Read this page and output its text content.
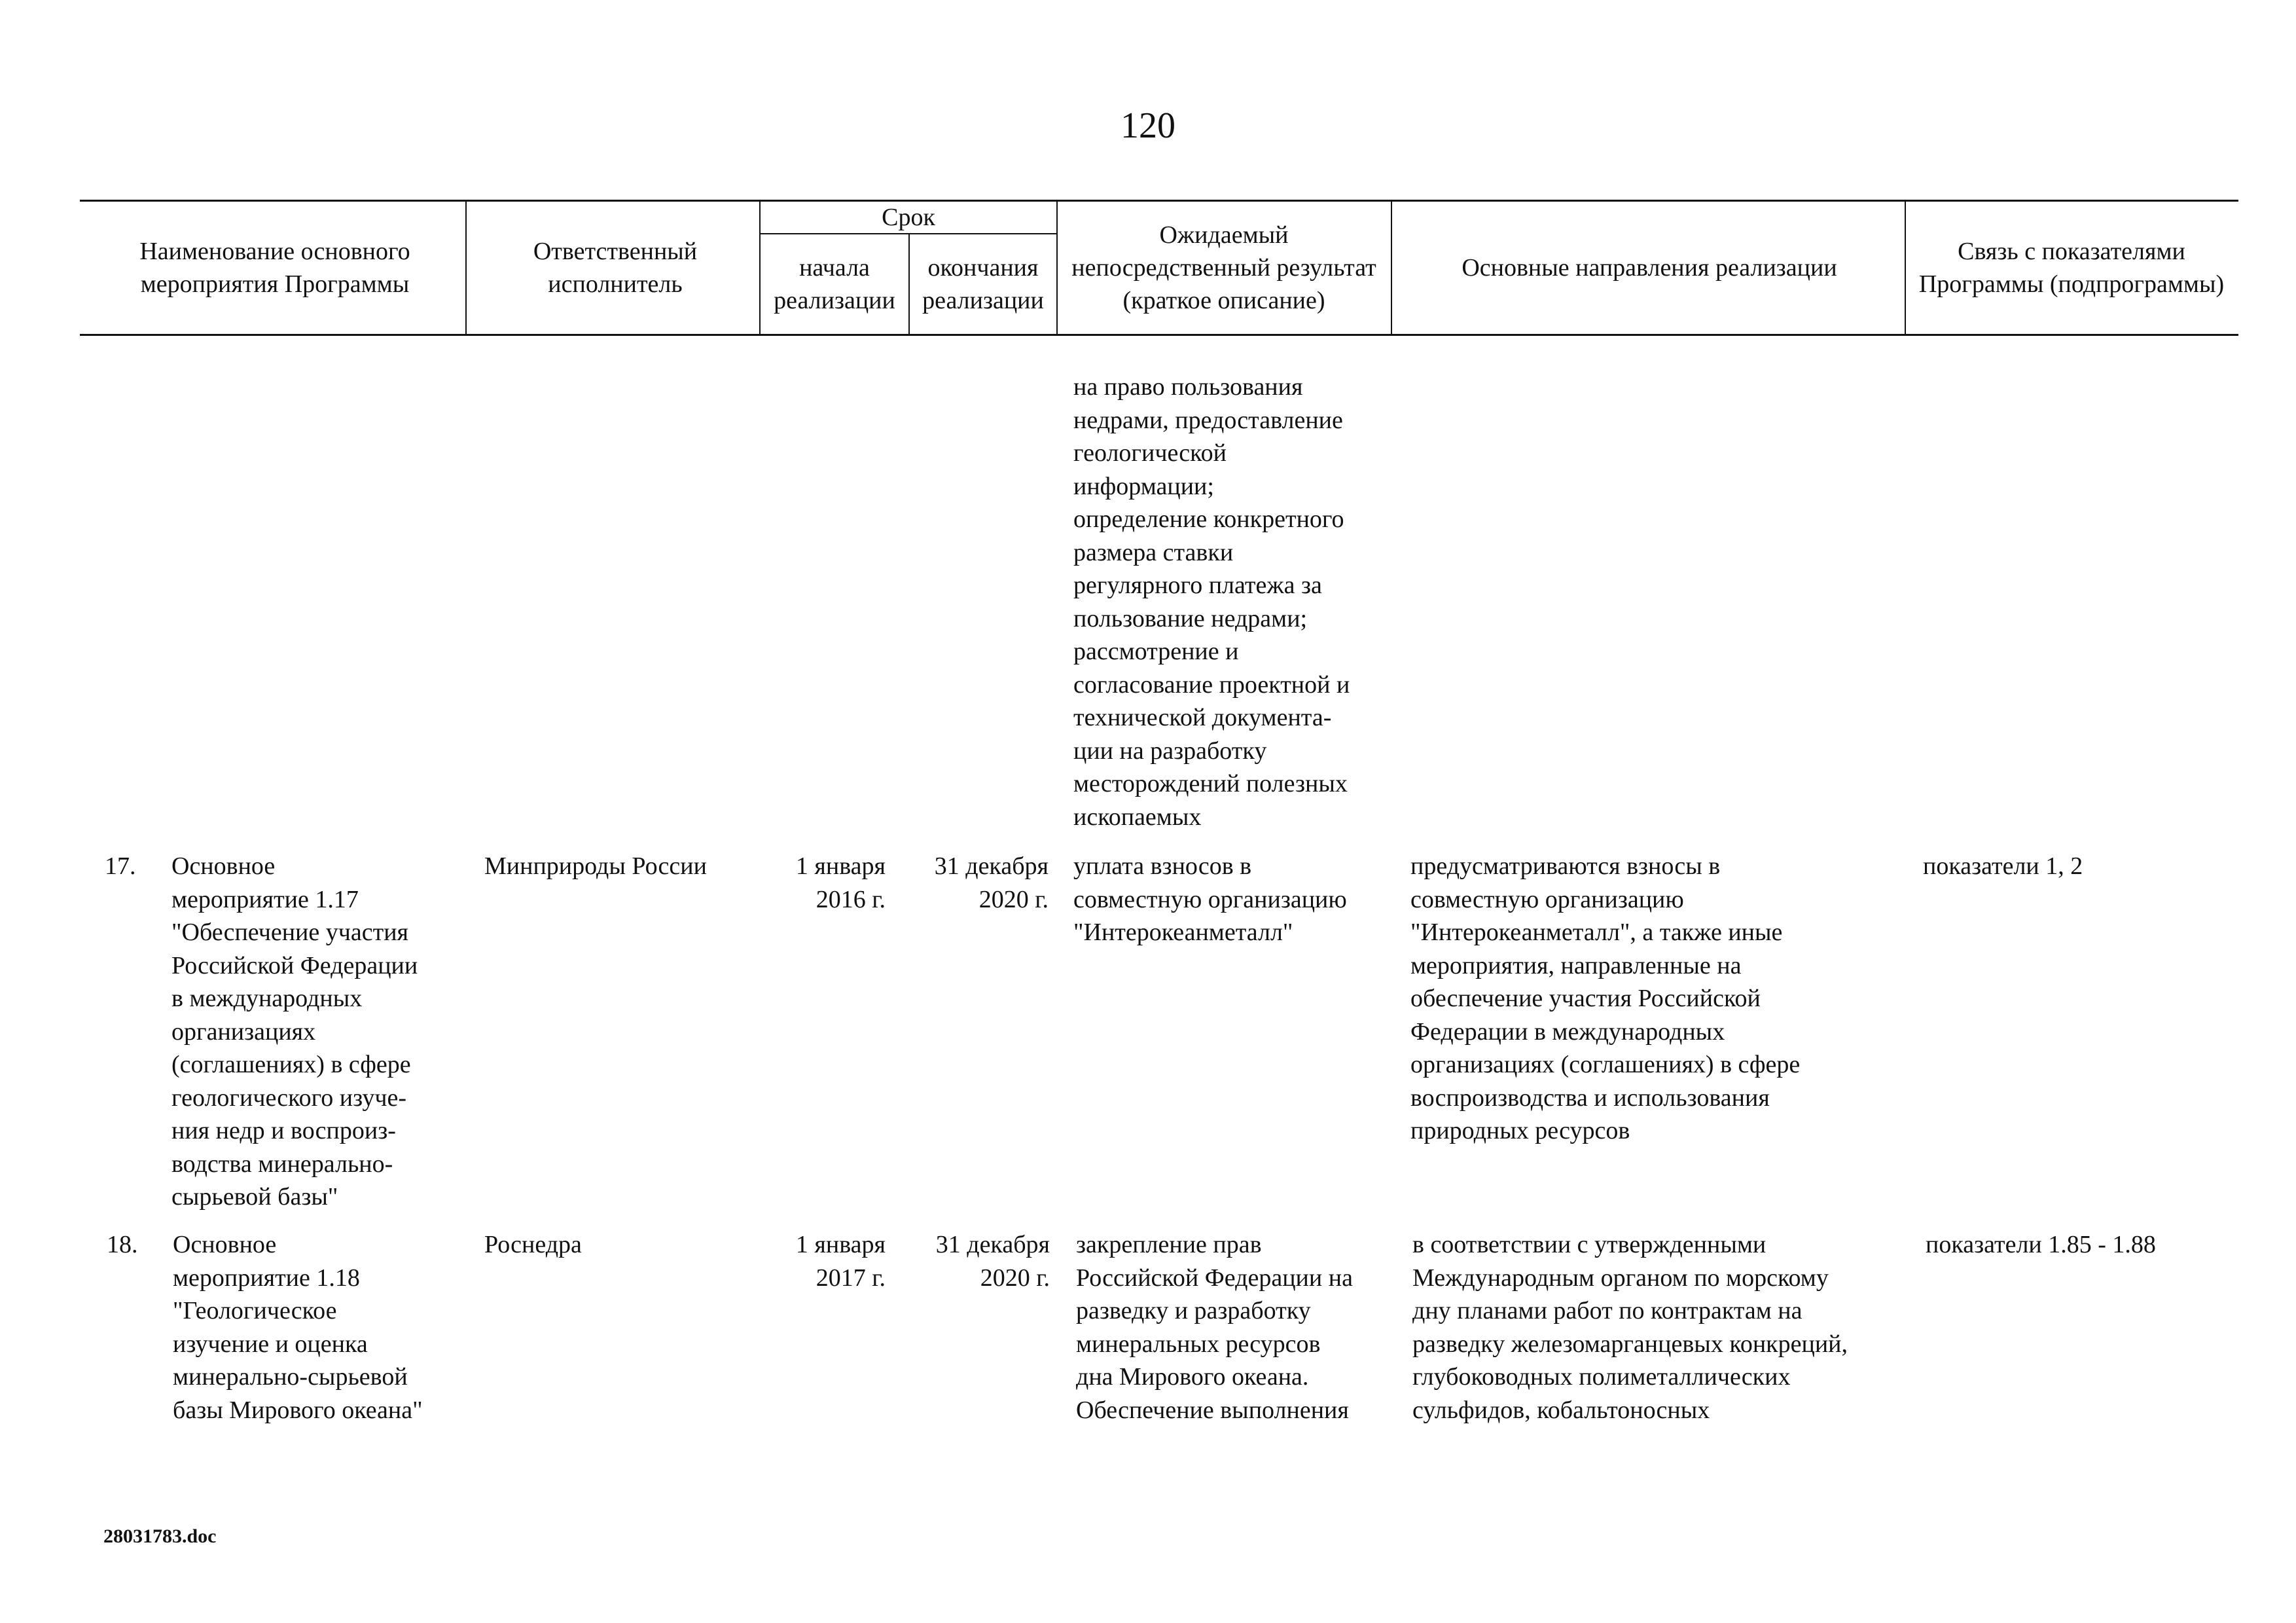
120
Наименование основного мероприятия Программы
Ответственный исполнитель
Срок
начала реализации
окончания реализации
Ожидаемый непосредственный результат (краткое описание)
Основные направления реализации
Связь с показателями Программы (подпрограммы)
на право пользования
недрами, предоставление
геологической
информации;
определение конкретного
размера ставки
регулярного платежа за
пользование недрами;
рассмотрение и
согласование проектной и
технической документа-
ции на разработку
месторождений полезных
ископаемых
17. Основное
мероприятие 1.17
"Обеспечение участия
Российской Федерации
в международных
организациях
(соглашениях) в сфере
геологического изуче-
ния недр и воспроиз-
водства минерально-
сырьевой базы"
Минприроды России	1 января
2016 г.
31 декабря
2020 г.
уплата взносов в
совместную организацию
"Интерокеанметалл"
предусматриваются взносы в
совместную организацию
"Интерокеанметалл", а также иные
мероприятия, направленные на
обеспечение участия Российской
Федерации в международных
организациях (соглашениях) в сфере
воспроизводства и использования
природных ресурсов
показатели 1, 2
18. Основное
мероприятие 1.18
"Геологическое
изучение и оценка
минерально-сырьевой
базы Мирового океана"
Роснедра	1 января
2017 г.
31 декабря
2020 г.
закрепление прав
Российской Федерации на
разведку и разработку
минеральных ресурсов
дна Мирового океана.
Обеспечение выполнения
в соответствии с утвержденными
Международным органом по морскому
дну планами работ по контрактам на
разведку железомарганцевых конкреций,
глубоководных полиметаллических
сульфидов, кобальтоносных
показатели 1.85 - 1.88
28031783.doc
